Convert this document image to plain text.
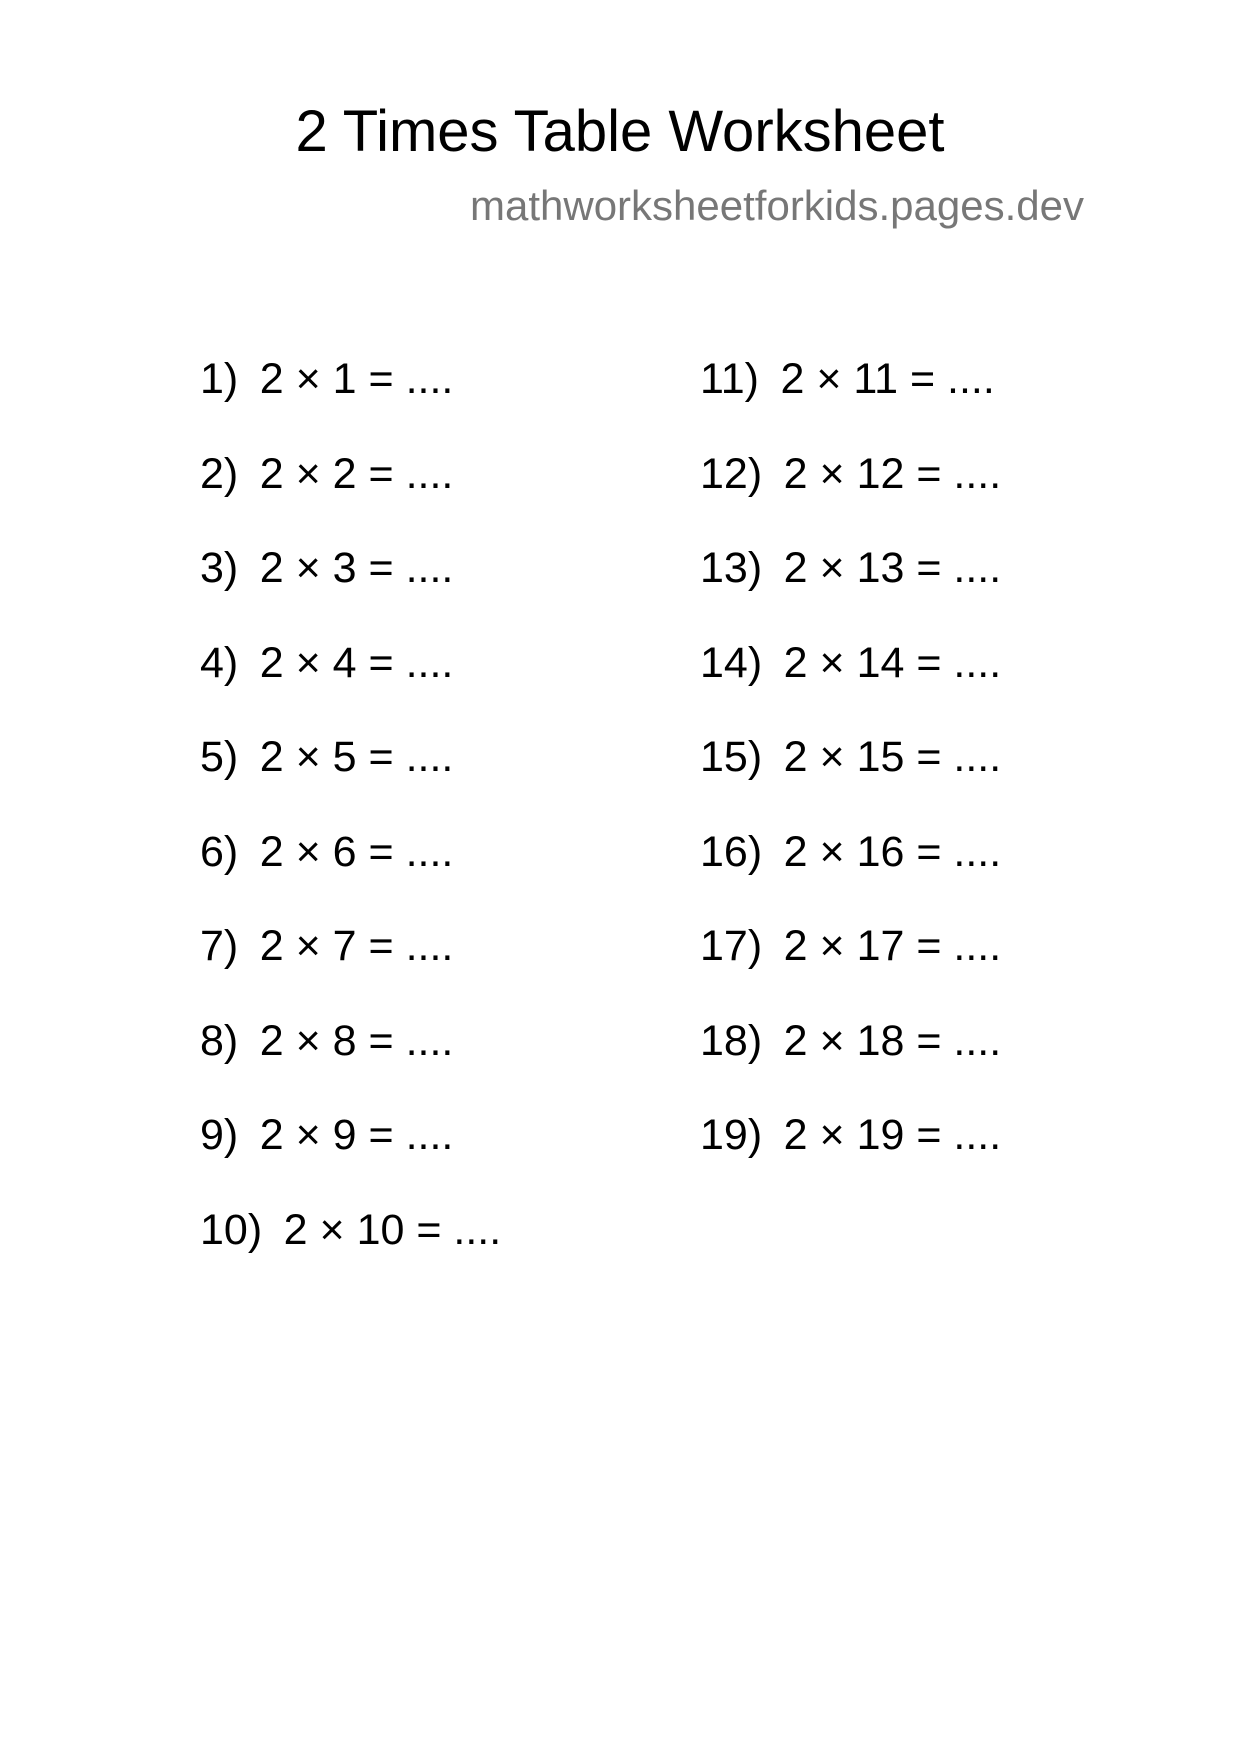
2 Times Table Worksheet
mathworksheetforkids.pages.dev
1) 2 × 1 = ....
2) 2 × 2 = ....
3) 2 × 3 = ....
4) 2 × 4 = ....
5) 2 × 5 = ....
6) 2 × 6 = ....
7) 2 × 7 = ....
8) 2 × 8 = ....
9) 2 × 9 = ....
10) 2 × 10 = ....
11) 2 × 11 = ....
12) 2 × 12 = ....
13) 2 × 13 = ....
14) 2 × 14 = ....
15) 2 × 15 = ....
16) 2 × 16 = ....
17) 2 × 17 = ....
18) 2 × 18 = ....
19) 2 × 19 = ....
